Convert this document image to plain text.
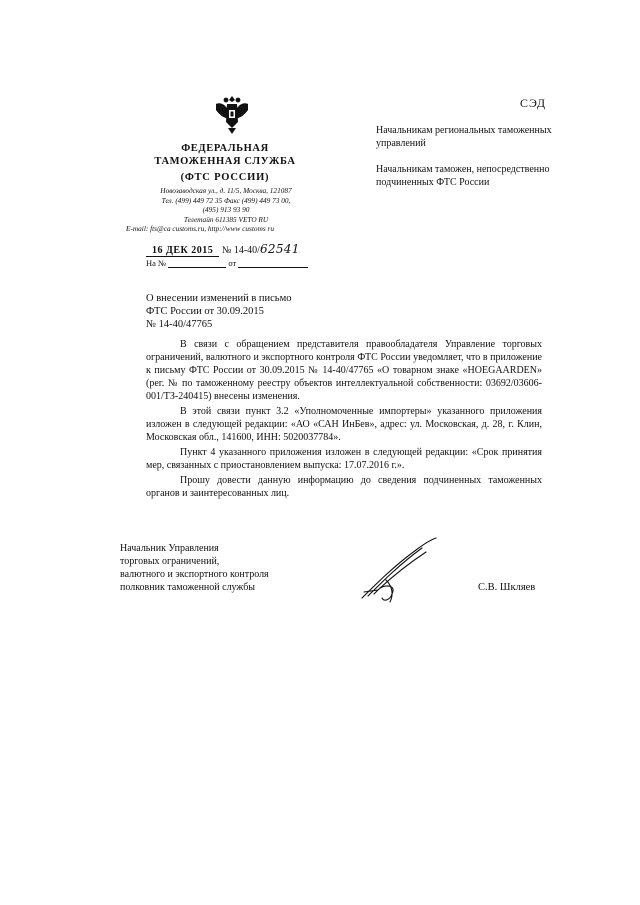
СЭД
ФЕДЕРАЛЬНАЯ
ТАМОЖЕННАЯ СЛУЖБА
(ФТС РОССИИ)
Новозаводская ул., д. 11/5, Москва, 121087
Тел. (499) 449 72 35 Факс (499) 449 73 00,
(495) 913 93 90
Телетайп 611385 VETO RU
E-mail: fts@ca customs.ru, http://www customs ru
16 ДЕК 2015 № 14-40/62541
На №	от

Начальникам региональных таможенных управлений

Начальникам таможен, непосредственно подчиненных ФТС России

О внесении изменений в письмо
ФТС России от 30.09.2015
№ 14-40/47765

В связи с обращением представителя правообладателя Управление торговых ограничений, валютного и экспортного контроля ФТС России уведомляет, что в приложение к письму ФТС России от 30.09.2015 № 14-40/47765 «О товарном знаке «HOEGAARDEN» (рег. № по таможенному реестру объектов интеллектуальной собственности: 03692/03606-001/ТЗ-240415) внесены изменения.

В этой связи пункт 3.2 «Уполномоченные импортеры» указанного приложения изложен в следующей редакции: «АО «САН ИнБев», адрес: ул. Московская, д. 28, г. Клин, Московская обл., 141600, ИНН: 5020037784».

Пункт 4 указанного приложения изложен в следующей редакции: «Срок принятия мер, связанных с приостановлением выпуска: 17.07.2016 г.».

Прошу довести данную информацию до сведения подчиненных таможенных органов и заинтересованных лиц.

Начальник Управления
торговых ограничений,
валютного и экспортного контроля
полковник таможенной службы	С.В. Шкляев
